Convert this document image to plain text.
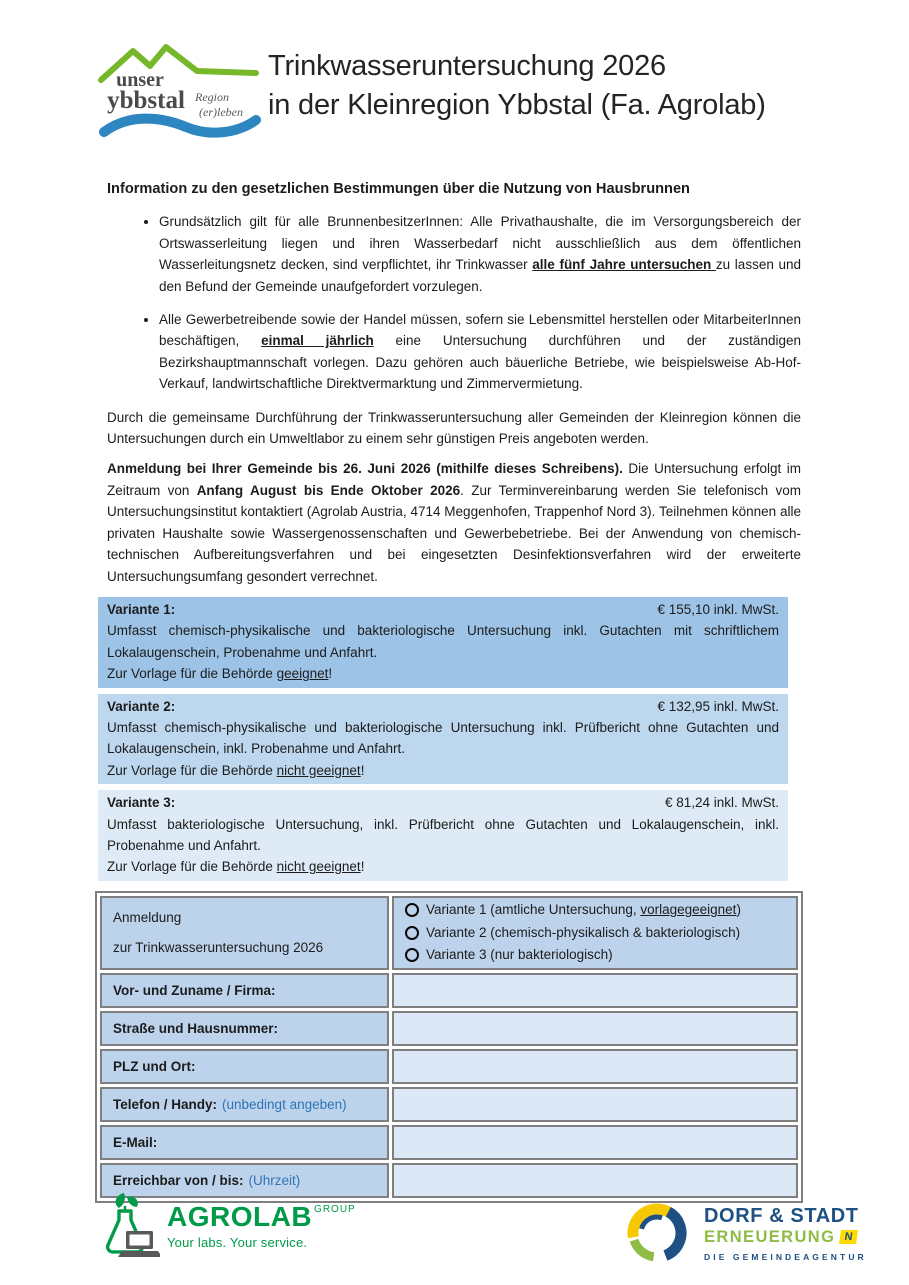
unser
ybbstal Region
(er)leben
Trinkwasseruntersuchung 2026
in der Kleinregion Ybbstal (Fa. Agrolab)

Information zu den gesetzlichen Bestimmungen über die Nutzung von Hausbrunnen

• Grundsätzlich gilt für alle BrunnenbesitzerInnen: Alle Privathaushalte, die im Versorgungsbereich der Ortswasserleitung liegen und ihren Wasserbedarf nicht ausschließlich aus dem öffentlichen Wasserleitungsnetz decken, sind verpflichtet, ihr Trinkwasser alle fünf Jahre untersuchen zu lassen und den Befund der Gemeinde unaufgefordert vorzulegen.
• Alle Gewerbetreibende sowie der Handel müssen, sofern sie Lebensmittel herstellen oder MitarbeiterInnen beschäftigen, einmal jährlich eine Untersuchung durchführen und der zuständigen Bezirkshauptmannschaft vorlegen. Dazu gehören auch bäuerliche Betriebe, wie beispielsweise Ab-Hof-Verkauf, landwirtschaftliche Direktvermarktung und Zimmervermietung.

Durch die gemeinsame Durchführung der Trinkwasseruntersuchung aller Gemeinden der Kleinregion können die Untersuchungen durch ein Umweltlabor zu einem sehr günstigen Preis angeboten werden.

Anmeldung bei Ihrer Gemeinde bis 26. Juni 2026 (mithilfe dieses Schreibens). Die Untersuchung erfolgt im Zeitraum von Anfang August bis Ende Oktober 2026. Zur Terminvereinbarung werden Sie telefonisch vom Untersuchungsinstitut kontaktiert (Agrolab Austria, 4714 Meggenhofen, Trappenhof Nord 3). Teilnehmen können alle privaten Haushalte sowie Wassergenossenschaften und Gewerbebetriebe. Bei der Anwendung von chemisch-technischen Aufbereitungsverfahren und bei eingesetzten Desinfektionsverfahren wird der erweiterte Untersuchungsumfang gesondert verrechnet.

Variante 1:	€ 155,10 inkl. MwSt.
Umfasst chemisch-physikalische und bakteriologische Untersuchung inkl. Gutachten mit schriftlichem Lokalaugenschein, Probenahme und Anfahrt.
Zur Vorlage für die Behörde geeignet!
Variante 2:	€ 132,95 inkl. MwSt.
Umfasst chemisch-physikalische und bakteriologische Untersuchung inkl. Prüfbericht ohne Gutachten und Lokalaugenschein, inkl. Probenahme und Anfahrt.
Zur Vorlage für die Behörde nicht geeignet!
Variante 3:	€ 81,24 inkl. MwSt.
Umfasst bakteriologische Untersuchung, inkl. Prüfbericht ohne Gutachten und Lokalaugenschein, inkl. Probenahme und Anfahrt.
Zur Vorlage für die Behörde nicht geeignet!
Anmeldung
zur Trinkwasseruntersuchung 2026

Variante 1 (amtliche Untersuchung, vorlagegeeignet)
Variante 2 (chemisch-physikalisch & bakteriologisch)
Variante 3 (nur bakteriologisch)

Vor- und Zuname / Firma:	
Straße und Hausnummer:	
PLZ und Ort:	
Telefon / Handy: (unbedingt angeben)	
E-Mail:	
Erreichbar von / bis: (Uhrzeit)	
AGROLAB $^{GROUP}$
Your labs. Your service.
DORF & STADT
ERNEUERUNG N
DIE GEMEINDEAGENTUR
